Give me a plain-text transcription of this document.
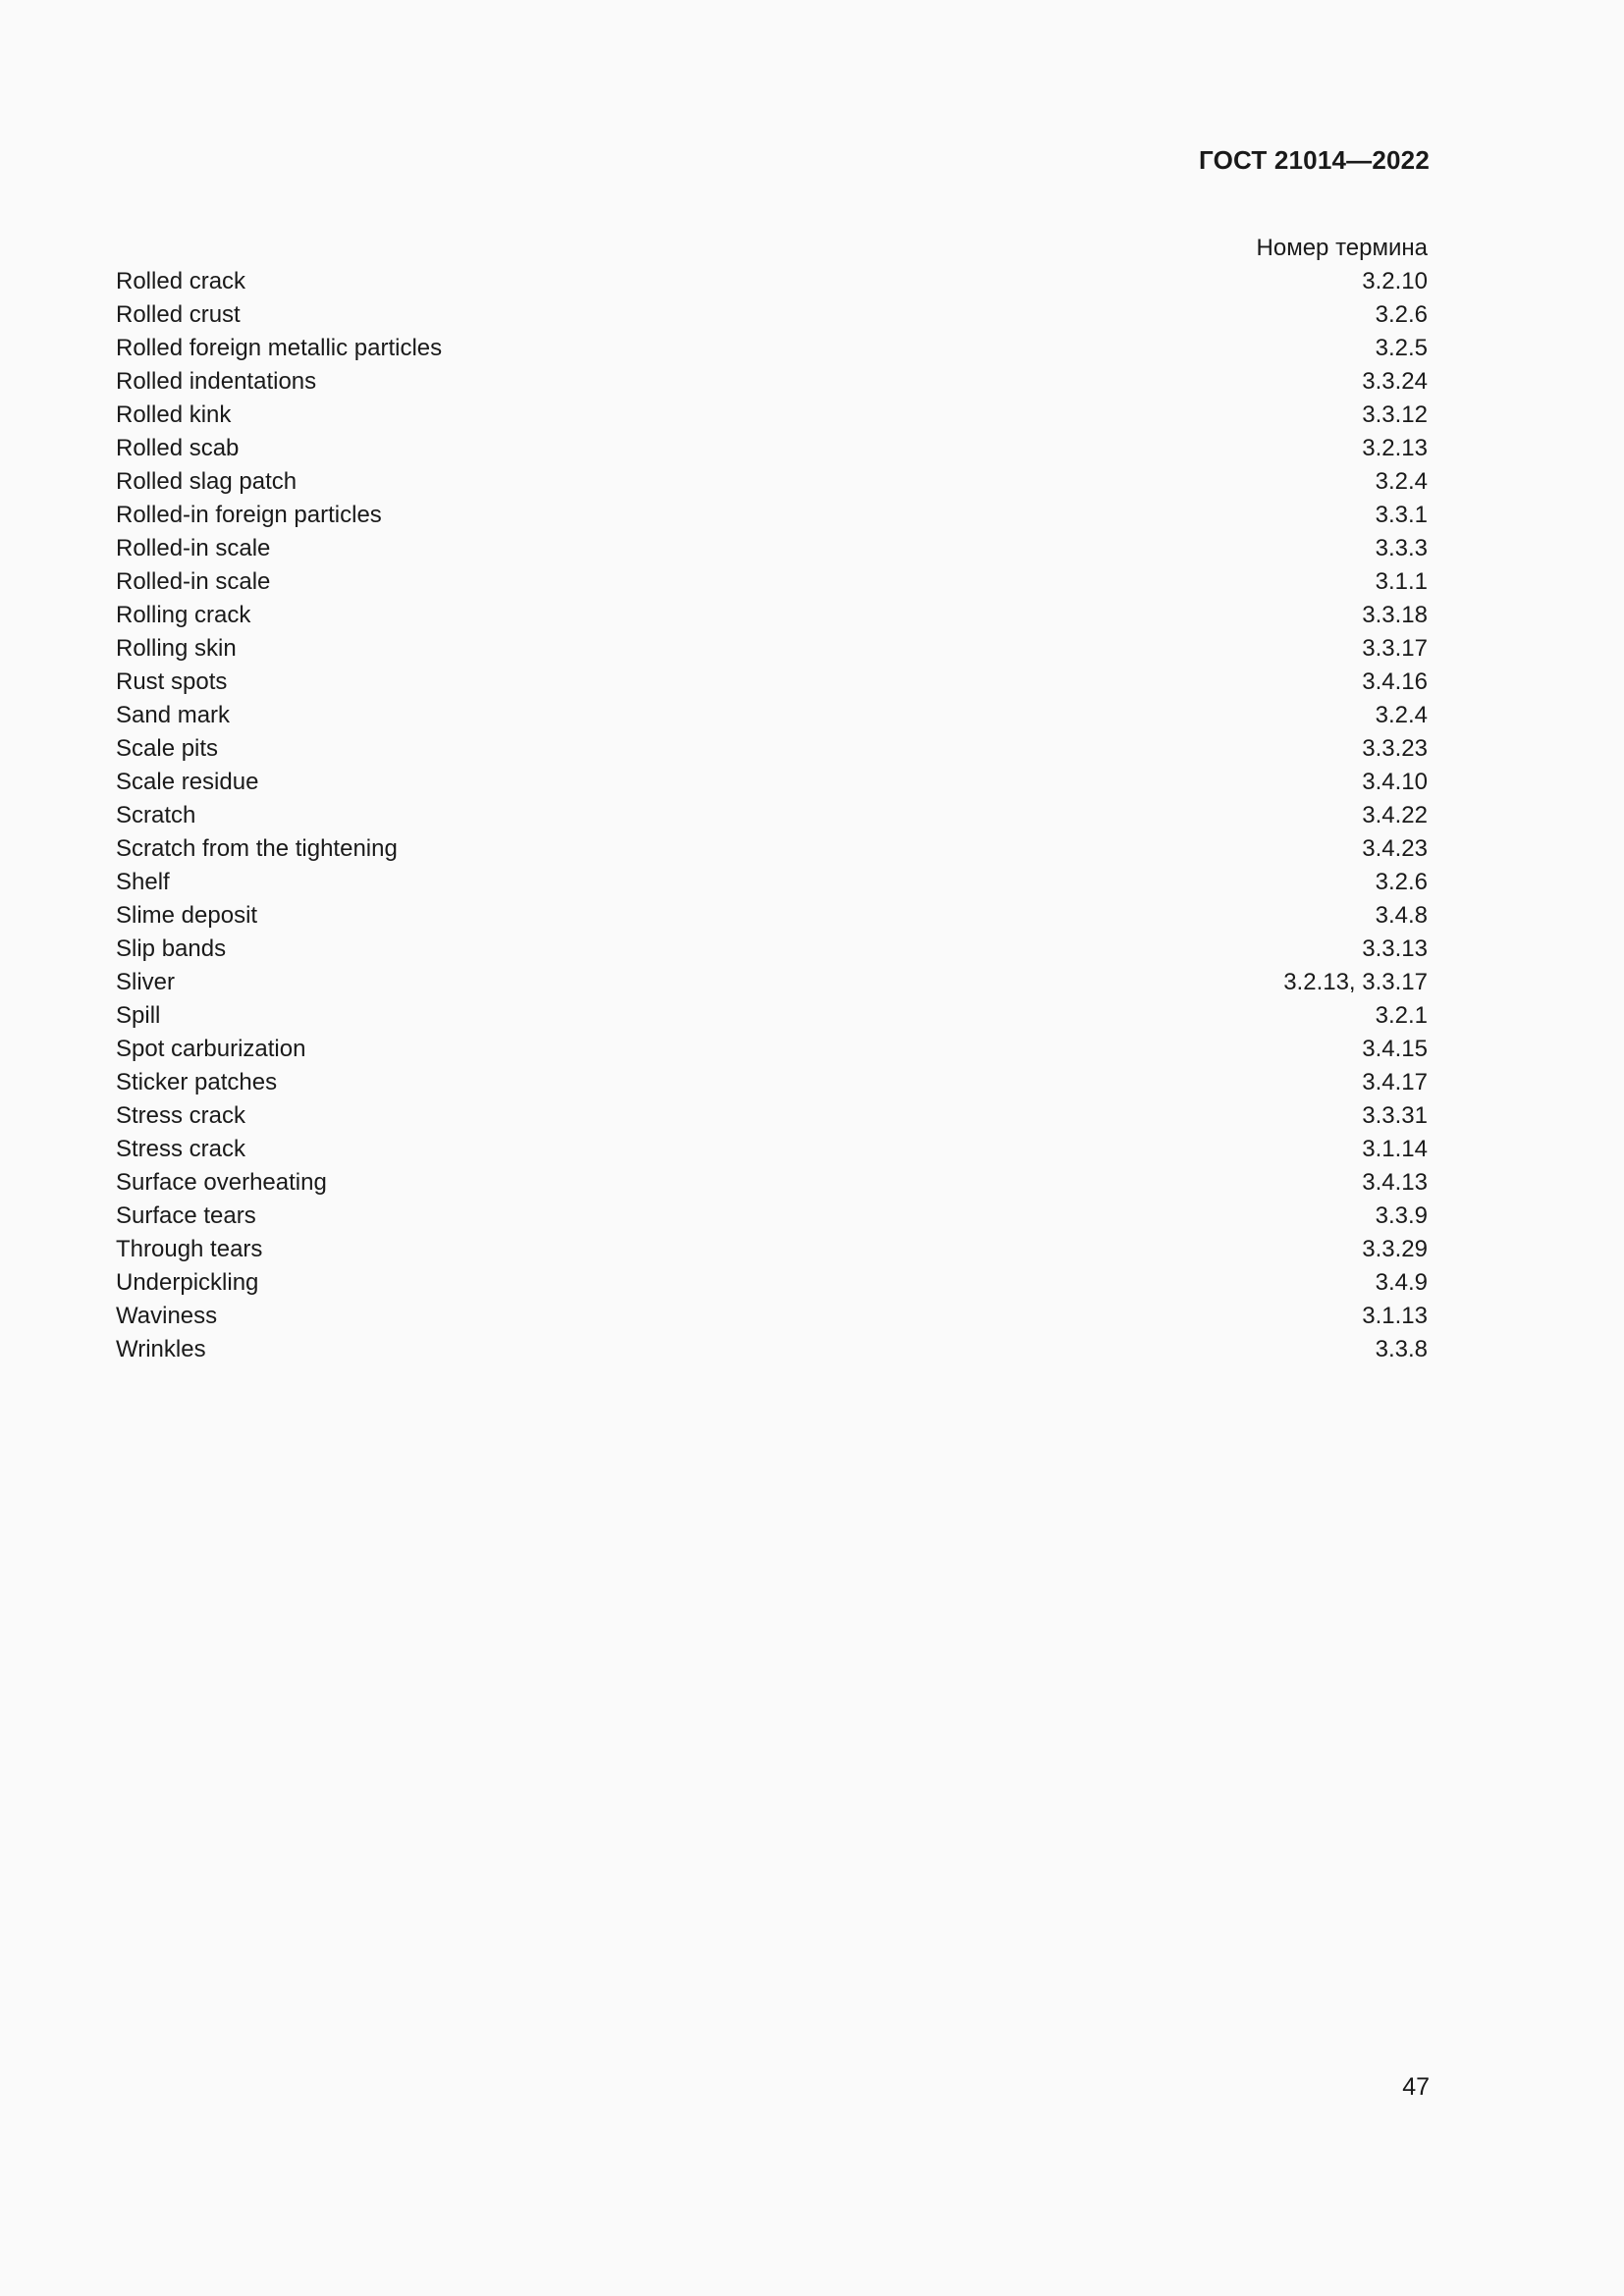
ГОСТ 21014—2022
Номер термина
Rolled crack	3.2.10
Rolled crust	3.2.6
Rolled foreign metallic particles	3.2.5
Rolled indentations	3.3.24
Rolled kink	3.3.12
Rolled scab	3.2.13
Rolled slag patch	3.2.4
Rolled-in foreign particles	3.3.1
Rolled-in scale	3.3.3
Rolled-in scale	3.1.1
Rolling crack	3.3.18
Rolling skin	3.3.17
Rust spots	3.4.16
Sand mark	3.2.4
Scale pits	3.3.23
Scale residue	3.4.10
Scratch	3.4.22
Scratch from the tightening	3.4.23
Shelf	3.2.6
Slime deposit	3.4.8
Slip bands	3.3.13
Sliver	3.2.13, 3.3.17
Spill	3.2.1
Spot carburization	3.4.15
Sticker patches	3.4.17
Stress crack	3.3.31
Stress crack	3.1.14
Surface overheating	3.4.13
Surface tears	3.3.9
Through tears	3.3.29
Underpickling	3.4.9
Waviness	3.1.13
Wrinkles	3.3.8
47
